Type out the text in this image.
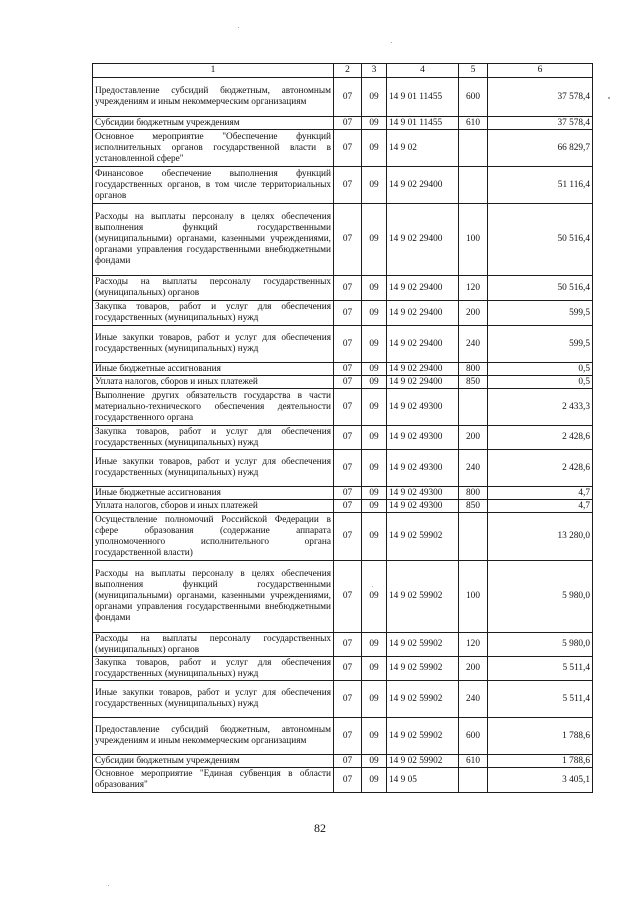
1	2	3	4	5	6
Предоставление субсидий бюджетным, автономным учреждениям и иным некоммерческим организациям	07	09	14 9 01 11455	600	37 578,4
Субсидии бюджетным учреждениям	07	09	14 9 01 11455	610	37 578,4
Основное мероприятие "Обеспечение функций исполнительных органов государственной власти в установленной сфере"	07	09	14 9 02		66 829,7
Финансовое обеспечение выполнения функций государственных органов, в том числе территориальных органов	07	09	14 9 02 29400		51 116,4
Расходы на выплаты персоналу в целях обеспечения выполнения функций государственными (муниципальными) органами, казенными учреждениями, органами управления государственными внебюджетными фондами	07	09	14 9 02 29400	100	50 516,4
Расходы на выплаты персоналу государственных (муниципальных) органов	07	09	14 9 02 29400	120	50 516,4
Закупка товаров, работ и услуг для обеспечения государственных (муниципальных) нужд	07	09	14 9 02 29400	200	599,5
Иные закупки товаров, работ и услуг для обеспечения государственных (муниципальных) нужд	07	09	14 9 02 29400	240	599,5
Иные бюджетные ассигнования	07	09	14 9 02 29400	800	0,5
Уплата налогов, сборов и иных платежей	07	09	14 9 02 29400	850	0,5
Выполнение других обязательств государства в части материально-технического обеспечения деятельности государственного органа	07	09	14 9 02 49300		2 433,3
Закупка товаров, работ и услуг для обеспечения государственных (муниципальных) нужд	07	09	14 9 02 49300	200	2 428,6
Иные закупки товаров, работ и услуг для обеспечения государственных (муниципальных) нужд	07	09	14 9 02 49300	240	2 428,6
Иные бюджетные ассигнования	07	09	14 9 02 49300	800	4,7
Уплата налогов, сборов и иных платежей	07	09	14 9 02 49300	850	4,7
Осуществление полномочий Российской Федерации в сфере образования (содержание аппарата уполномоченного исполнительного органа государственной власти)	07	09	14 9 02 59902		13 280,0
Расходы на выплаты персоналу в целях обеспечения выполнения функций государственными (муниципальными) органами, казенными учреждениями, органами управления государственными внебюджетными фондами	07	09	14 9 02 59902	100	5 980,0
Расходы на выплаты персоналу государственных (муниципальных) органов	07	09	14 9 02 59902	120	5 980,0
Закупка товаров, работ и услуг для обеспечения государственных (муниципальных) нужд	07	09	14 9 02 59902	200	5 511,4
Иные закупки товаров, работ и услуг для обеспечения государственных (муниципальных) нужд	07	09	14 9 02 59902	240	5 511,4
Предоставление субсидий бюджетным, автономным учреждениям и иным некоммерческим организациям	07	09	14 9 02 59902	600	1 788,6
Субсидии бюджетным учреждениям	07	09	14 9 02 59902	610	1 788,6
Основное мероприятие "Единая субвенция в области образования"	07	09	14 9 05		3 405,1
82
